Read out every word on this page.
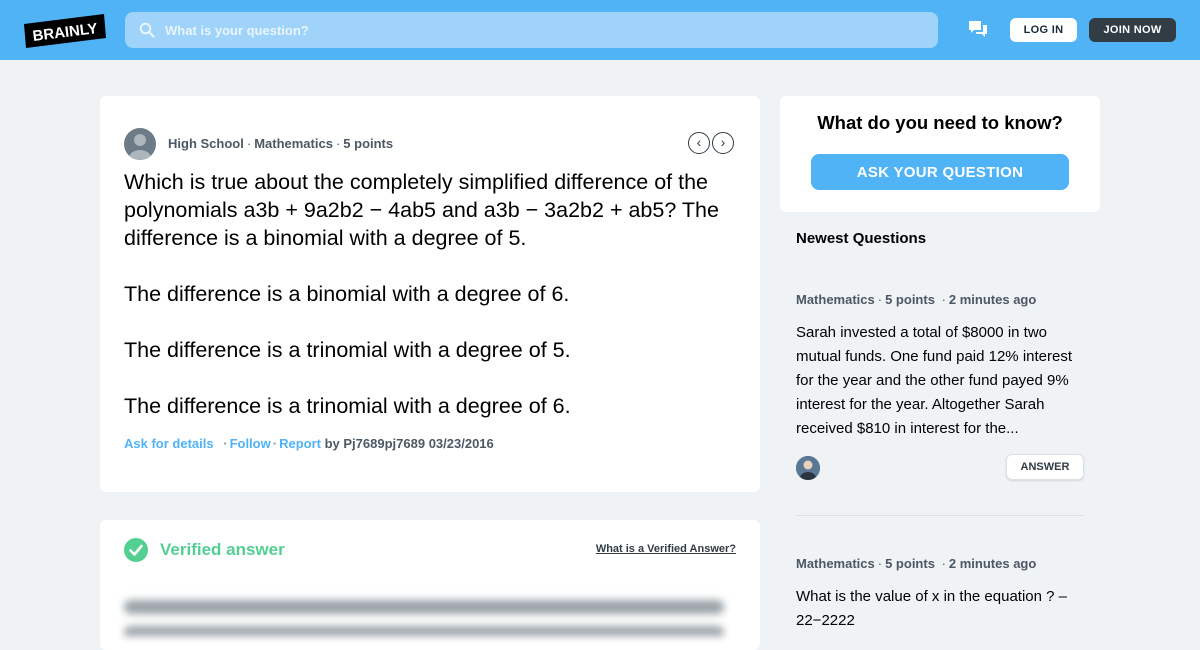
BRAINLY
What is your question?	LOG IN	JOIN NOW
High School · Mathematics · 5 points	‹ ›

Which is true about the completely simplified difference of the polynomials a3b + 9a2b2 − 4ab5 and a3b − 3a2b2 + ab5? The difference is a binomial with a degree of 5.

The difference is a binomial with a degree of 6.

The difference is a trinomial with a degree of 5.

The difference is a trinomial with a degree of 6.

Ask for details · Follow · Report by Pj7689pj7689 03/23/2016
Verified answer	What is a Verified Answer?
What do you need to know?
ASK YOUR QUESTION
Newest Questions
Mathematics · 5 points · 2 minutes ago
Sarah invested a total of $8000 in two mutual funds. One fund paid 12% interest for the year and the other fund payed 9% interest for the year. Altogether Sarah received $810 in interest for the...
ANSWER
Mathematics · 5 points · 2 minutes ago
What is the value of x in the equation ? – 22−2222
